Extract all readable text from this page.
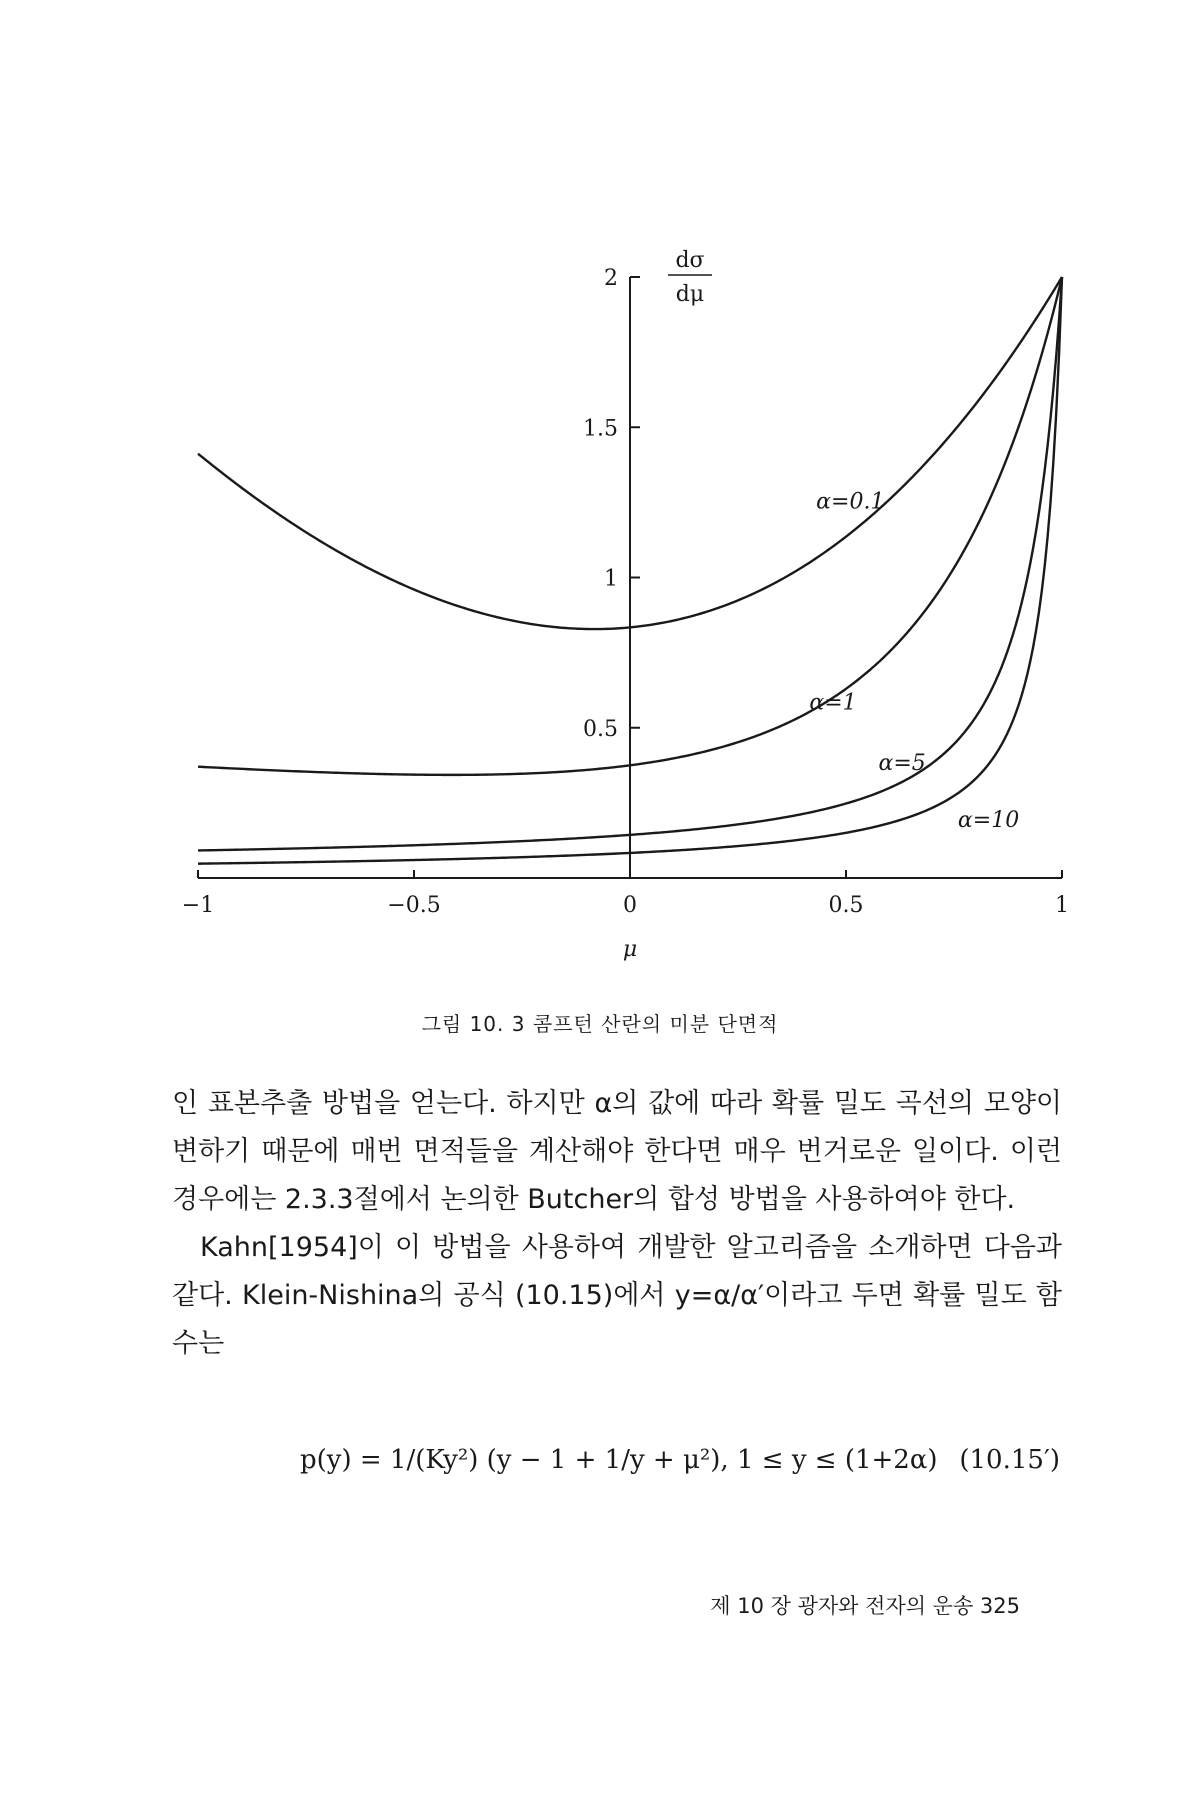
−1	−0.5	0	0.5	1
0.5
1
1.5
2
dσ
dμ
μ
α=0.1
α=1
α=5
α=10
그림 10. 3 콤프턴 산란의 미분 단면적

인 표본추출 방법을 얻는다. 하지만 α의 값에 따라 확률 밀도 곡선의 모양이 변하기 때문에 매번 면적들을 계산해야 한다면 매우 번거로운 일이다. 이런 경우에는 2.3.3절에서 논의한 Butcher의 합성 방법을 사용하여야 한다.

Kahn[1954]이 이 방법을 사용하여 개발한 알고리즘을 소개하면 다음과 같다. Klein-Nishina의 공식 (10.15)에서 y=α/α′이라고 두면 확률 밀도 함수는

p(y) = 1/(Ky²) (y − 1 + 1/y + μ²), 1 ≤ y ≤ (1+2α) (10.15′)
제 10 장 광자와 전자의 운송 325
